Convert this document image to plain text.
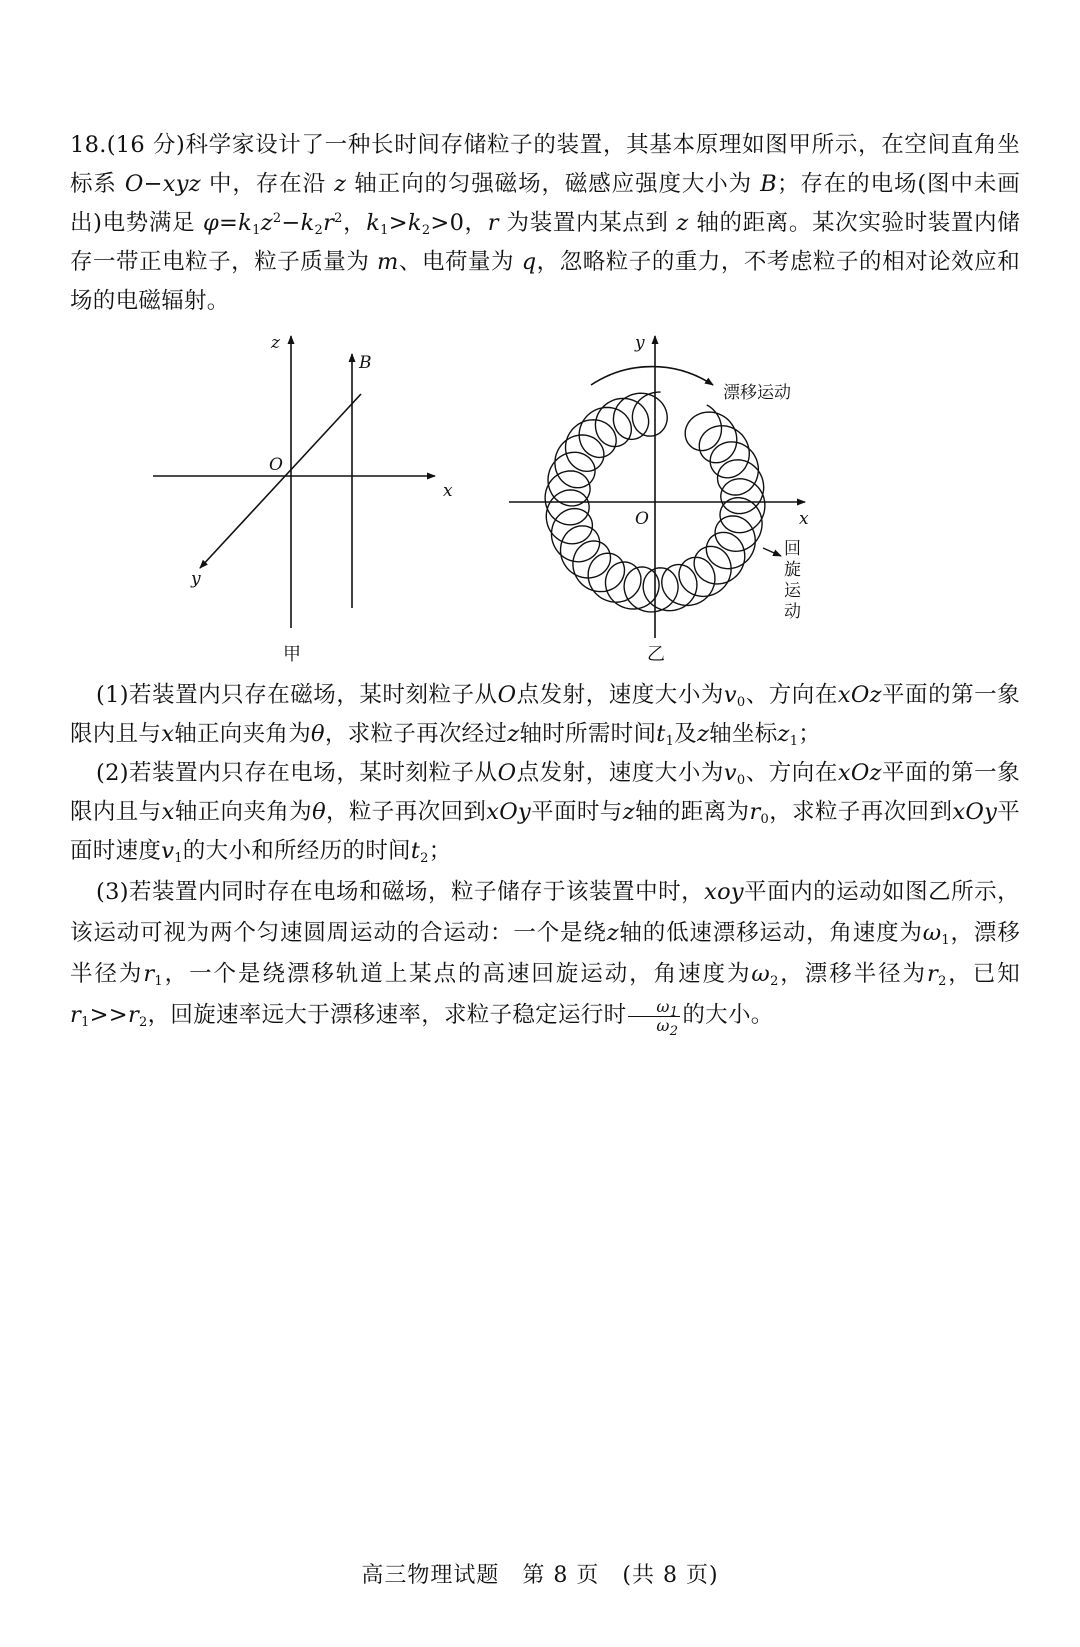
18.(16 分)科学家设计了一种长时间存储粒子的装置，其基本原理如图甲所示，在空间直角坐标系 O−xyz 中，存在沿 z 轴正向的匀强磁场，磁感应强度大小为 B；存在的电场(图中未画出)电势满足 $\varphi=k_1z^2-k_2r^2$，$k_1>k_2>0$，r 为装置内某点到 z 轴的距离。某次实验时装置内储存一带正电粒子，粒子质量为 m、电荷量为 q，忽略粒子的重力，不考虑粒子的相对论效应和场的电磁辐射。
z
B
O
x
y
甲
y
O	x
漂移运动
回
旋
运
动
乙
(1)若装置内只存在磁场，某时刻粒子从O点发射，速度大小为$v_0$、方向在xOz平面的第一象限内且与x轴正向夹角为θ，求粒子再次经过z轴时所需时间$t_1$及z轴坐标$z_1$；
(2)若装置内只存在电场，某时刻粒子从O点发射，速度大小为$v_0$、方向在xOz平面的第一象限内且与x轴正向夹角为θ，粒子再次回到xOy平面时与z轴的距离为$r_0$，求粒子再次回到xOy平面时速度$v_1$的大小和所经历的时间$t_2$；
(3)若装置内同时存在电场和磁场，粒子储存于该装置中时，xoy平面内的运动如图乙所示，该运动可视为两个匀速圆周运动的合运动：一个是绕z轴的低速漂移运动，角速度为$\omega_1$，漂移半径为$r_1$，一个是绕漂移轨道上某点的高速回旋运动，角速度为$\omega_2$，漂移半径为$r_2$，已知$r_1>>r_2$，回旋速率远大于漂移速率，求粒子稳定运行时 $\frac{\omega_1}{\omega_2}$ 的大小。
高三物理试题　第 8 页　(共 8 页)
